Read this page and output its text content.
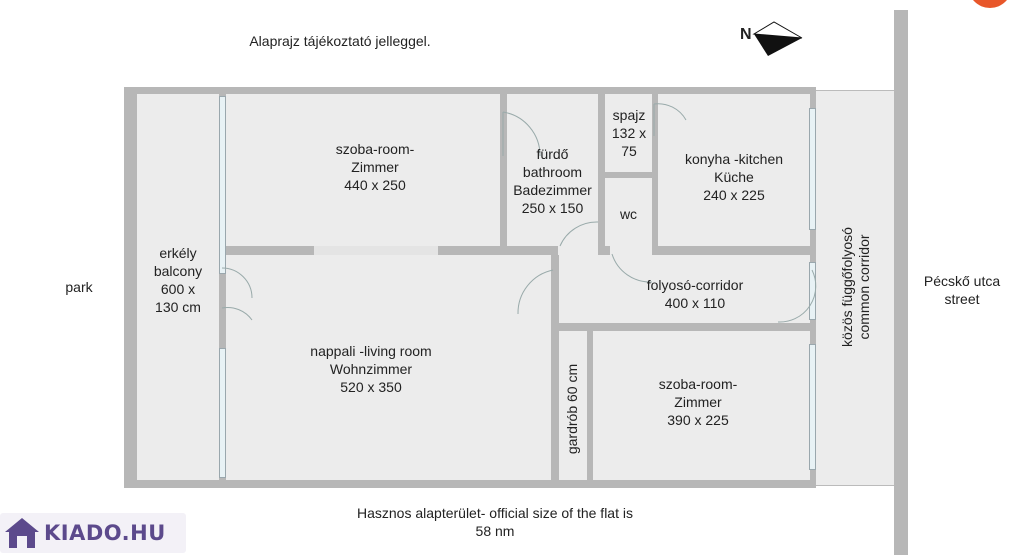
Alaprajz tájékoztató jelleggel.	N
park	Pécskő utca
street
szoba-room-
Zimmer
440 x 250
erkély
balcony
600 x
130 cm
fürdő
bathroom
Badezimmer
250 x 150
spajz
132 x
75
wc
konyha -kitchen
Küche
240 x 225
folyosó-corridor
400 x 110
nappali -living room
Wohnzimmer
520 x 350	gardrób 60 cm	szoba-room-
Zimmer
390 x 225
közös függőfolyosó common corridor
Hasznos alapterület- official size of the flat is
58 nm
KIADO.HU
